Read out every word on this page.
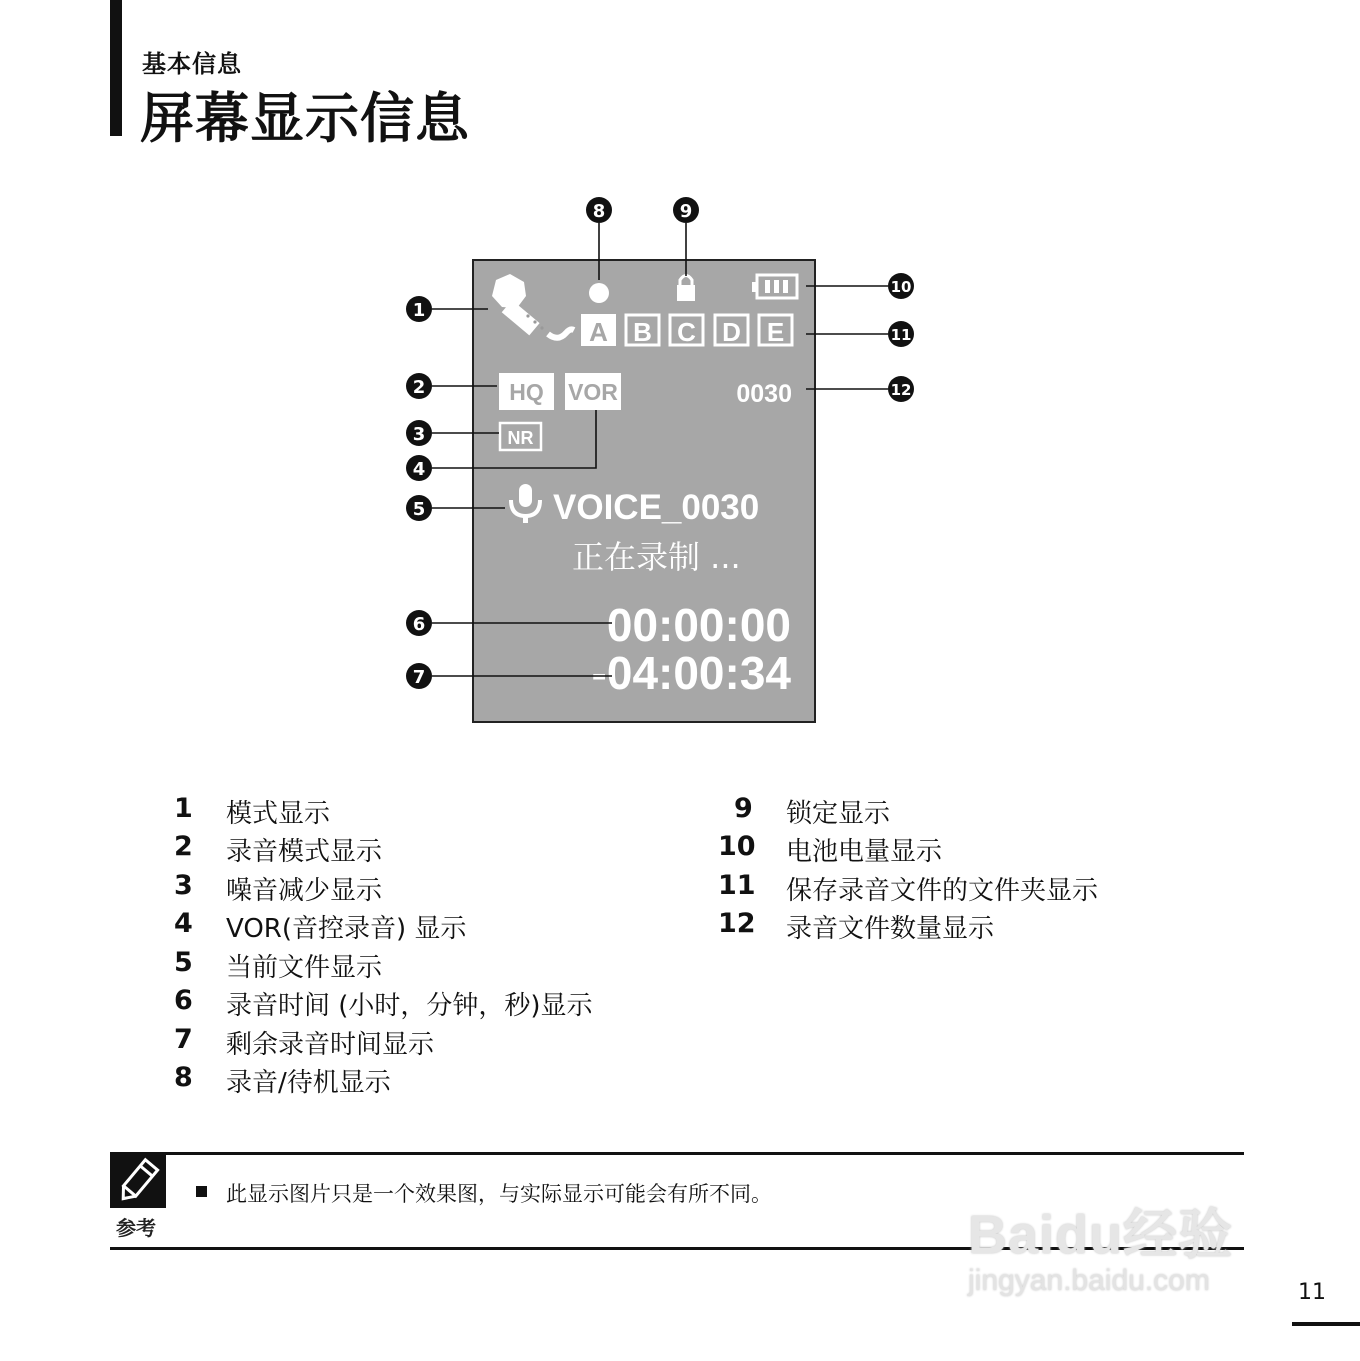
基本信息
屏幕显示信息
A B C D E
HQ VOR
NR
0030
VOICE_0030
正在录制 ...
00:00:00
-04:00:34
1
2
3
4
5
6
7
8	9
10
11
12
1 模式显示
2 录音模式显示
3 噪音减少显示
4 VOR(音控录音) 显示
5 当前文件显示
6 录音时间 (小时，分钟，秒)显示
7 剩余录音时间显示
8 录音/待机显示
9 锁定显示
10 电池电量显示
11 保存录音文件的文件夹显示
12 录音文件数量显示
参考
此显示图片只是一个效果图，与实际显示可能会有所不同。
Baidu经验
jingyan.baidu.com	11
